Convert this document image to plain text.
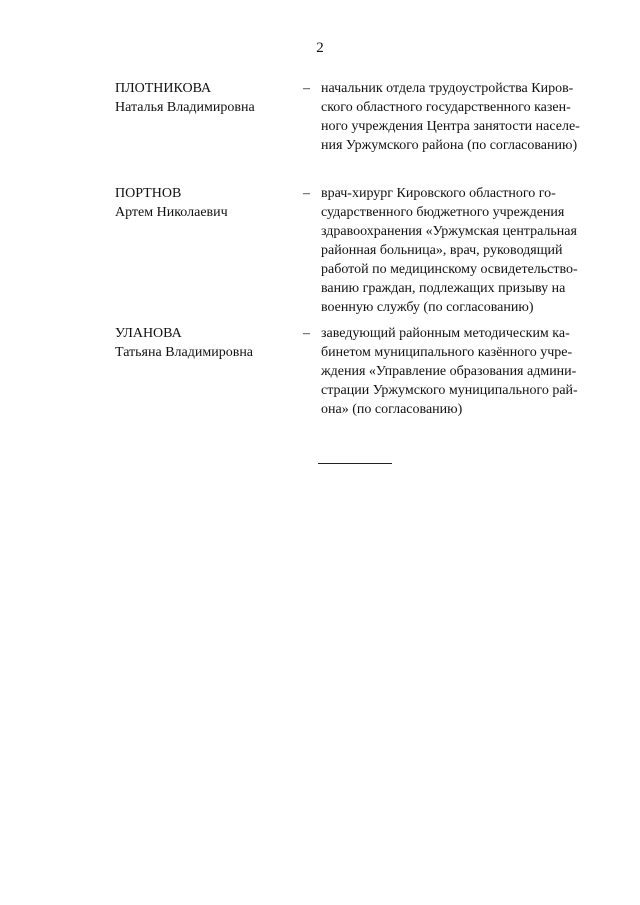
2
ПЛОТНИКОВА
Наталья Владимировна
– начальник отдела трудоустройства Киров-
ского областного государственного казен-
ного учреждения Центра занятости населе-
ния Уржумского района (по согласованию)
ПОРТНОВ
Артем Николаевич
– врач-хирург Кировского областного го-
сударственного бюджетного учреждения
здравоохранения «Уржумская центральная
районная больница», врач, руководящий
работой по медицинскому освидетельство-
ванию граждан, подлежащих призыву на
военную службу (по согласованию)
УЛАНОВА
Татьяна Владимировна
– заведующий районным методическим ка-
бинетом муниципального казённого учре-
ждения «Управление образования админи-
страции Уржумского муниципального рай-
она» (по согласованию)
